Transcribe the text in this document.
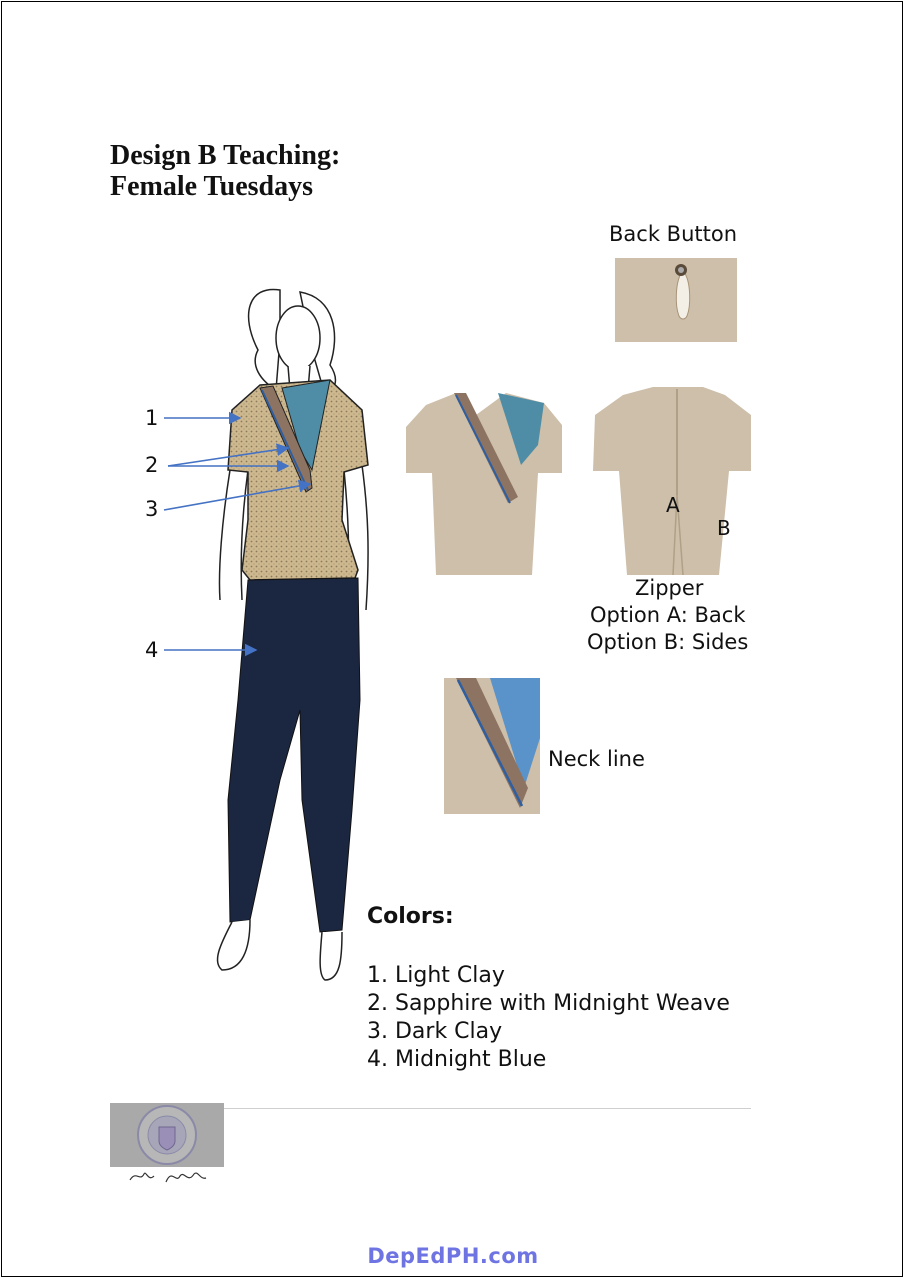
Design B Teaching:
Female Tuesdays
1
2
3
4
Back Button
A
B
Zipper
Option A: Back
Option B: Sides
Neck line
Colors:
1. Light Clay
2. Sapphire with Midnight Weave
3. Dark Clay
4. Midnight Blue
DepEdPH.com
